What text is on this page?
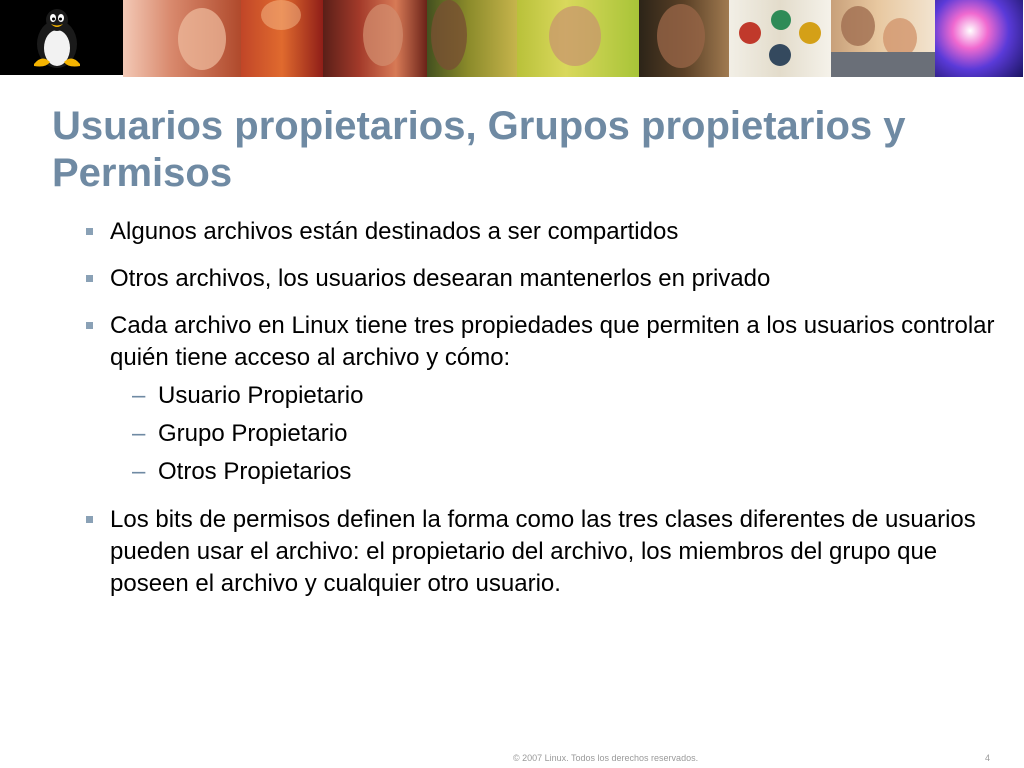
Usuarios propietarios, Grupos propietarios y Permisos
Algunos archivos están destinados a ser compartidos
Otros archivos, los usuarios desearan mantenerlos en privado
Cada archivo en Linux tiene tres propiedades que permiten a los usuarios controlar quién tiene acceso al archivo y cómo:
– Usuario Propietario
– Grupo Propietario
– Otros Propietarios
Los bits de permisos definen la forma como las tres clases diferentes de usuarios pueden usar el archivo: el propietario del archivo, los miembros del grupo que poseen el archivo y cualquier otro usuario.
© 2007 Linux. Todos los derechos reservados.	4
